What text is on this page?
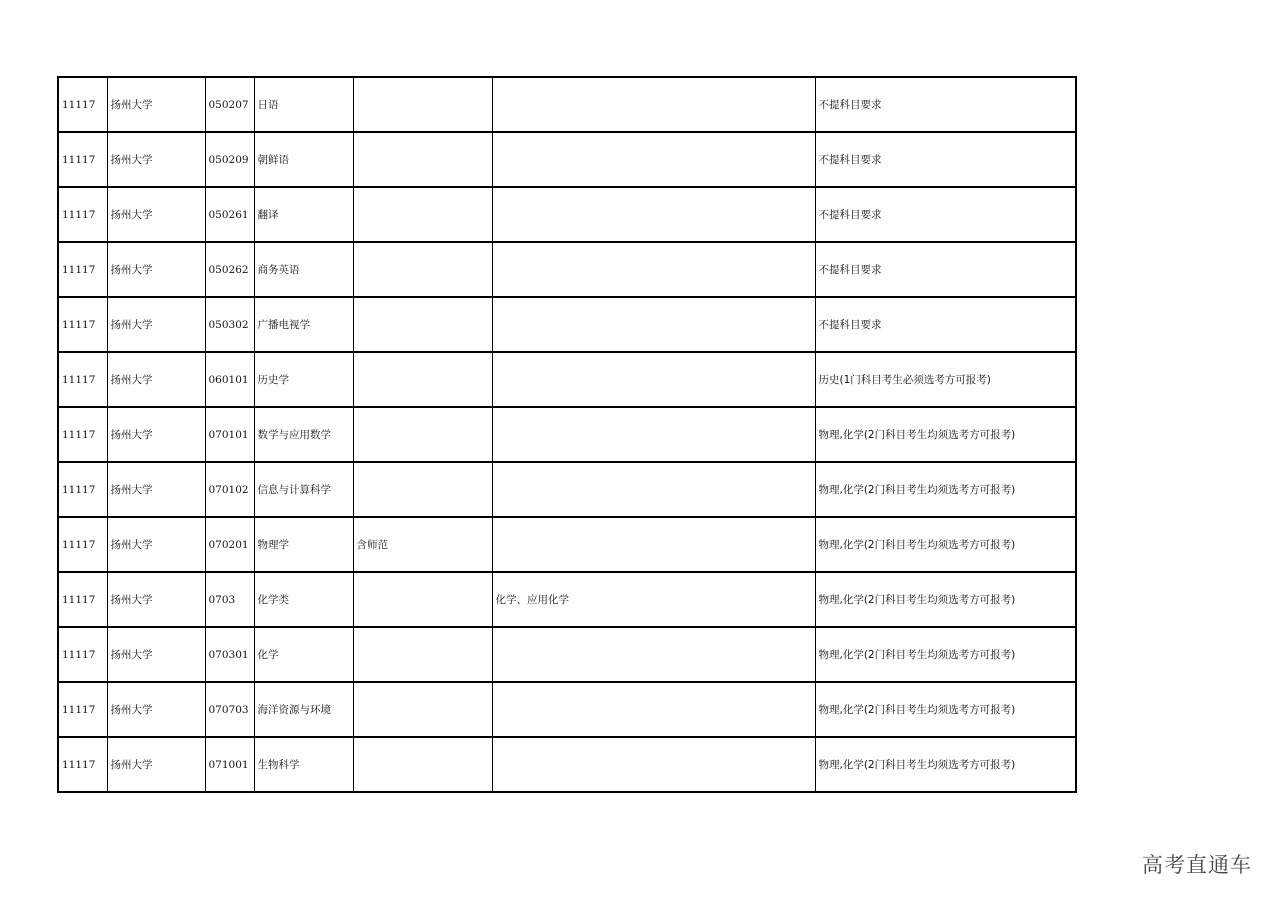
11117	扬州大学	050207	日语			不提科目要求
11117	扬州大学	050209	朝鲜语			不提科目要求
11117	扬州大学	050261	翻译			不提科目要求
11117	扬州大学	050262	商务英语			不提科目要求
11117	扬州大学	050302	广播电视学			不提科目要求
11117	扬州大学	060101	历史学			历史(1门科目考生必须选考方可报考)
11117	扬州大学	070101	数学与应用数学			物理,化学(2门科目考生均须选考方可报考)
11117	扬州大学	070102	信息与计算科学			物理,化学(2门科目考生均须选考方可报考)
11117	扬州大学	070201	物理学	含师范		物理,化学(2门科目考生均须选考方可报考)
11117	扬州大学	0703	化学类		化学、应用化学	物理,化学(2门科目考生均须选考方可报考)
11117	扬州大学	070301	化学			物理,化学(2门科目考生均须选考方可报考)
11117	扬州大学	070703	海洋资源与环境			物理,化学(2门科目考生均须选考方可报考)
11117	扬州大学	071001	生物科学			物理,化学(2门科目考生均须选考方可报考)
高考直通车
